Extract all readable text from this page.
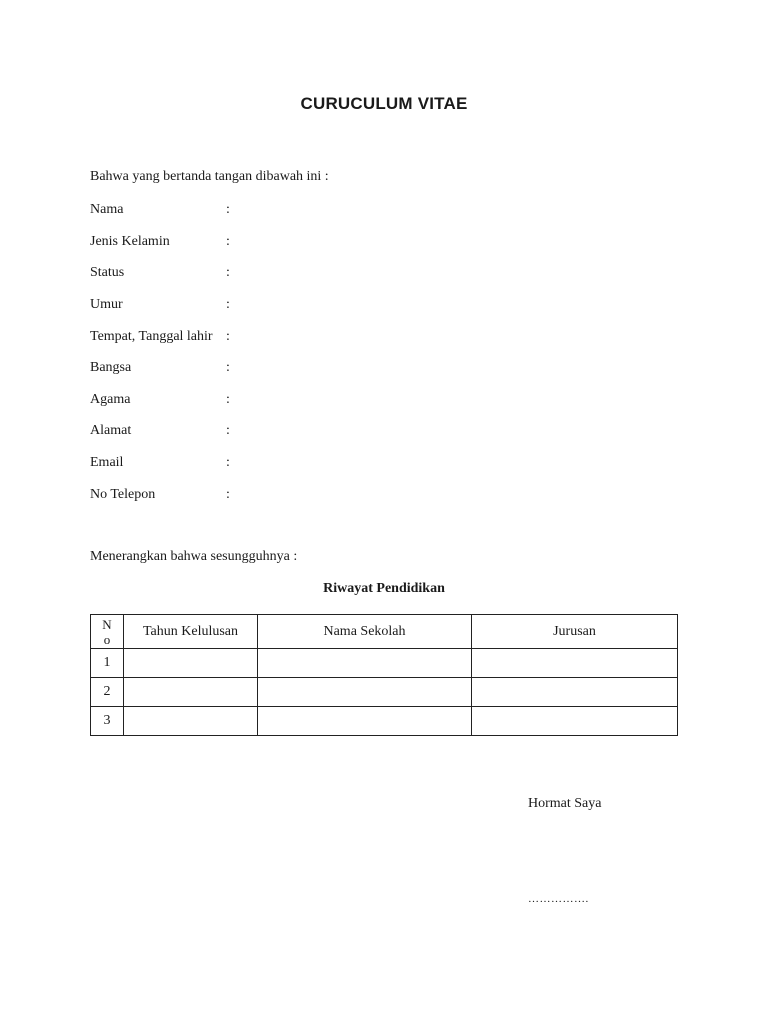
CURUCULUM VITAE
Bahwa yang bertanda tangan dibawah ini :
Nama	:
Jenis Kelamin	:
Status	:
Umur	:
Tempat, Tanggal lahir :
Bangsa	:
Agama	:
Alamat	:
Email	:
No Telepon	:
Menerangkan bahwa sesungguhnya :
Riwayat Pendidikan
N
o	Tahun Kelulusan	Nama Sekolah	Jurusan
1			
2			
3			
Hormat Saya
…………….
